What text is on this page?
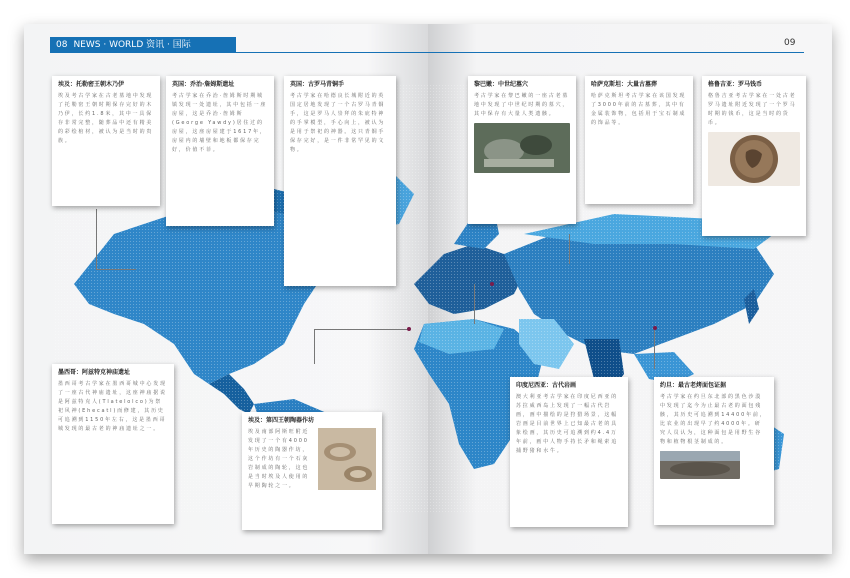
08 NEWS · WORLD 资讯 · 国际	09
埃及：托勒密王朝木乃伊

埃及考古学家在古老墓地中发现了托勒密王朝时期保存完好的木乃伊，长约1.8米，其中一具保存非常完整，随葬品中还有精美的彩绘棺材，被认为是当时的贵族。

英国：乔治·詹姆斯遗址

考古学家在乔治·詹姆斯时期城镇发现一处遗址，其中包括一座房屋，这是乔治·詹姆斯(George Yawdy)居住过的房屋，这座房屋建于1617年，房屋内的墙壁和地板都保存完好，价值不菲。

英国：古罗马青铜手

考古学家在哈德良长城附近的英国定居地发现了一个古罗马青铜手，这是罗马人崇拜的朱庇特神的手掌模型，手心向上，被认为是用于祭祀的神器。这只青铜手保存完好，是一件非常罕见的文物。

黎巴嫩：中世纪墓穴

考古学家在黎巴嫩的一座古老墓地中发现了中世纪时期的墓穴，其中保存有大量人类遗骸。

哈萨克斯坦：大量古墓葬

哈萨克斯坦考古学家在该国发现了3000年前的古墓葬，其中有金属装饰物，包括用于宝石制成的饰品等。

格鲁吉亚：罗马钱币

格鲁吉亚考古学家在一处古老罗马遗址附近发现了一个罗马时期的钱币，这是当时的货币。

墨西哥：阿兹特克神庙遗址

墨西哥考古学家在墨西哥城中心发现了一座古代神庙遗址，这座神庙据说是阿兹特克人(Tlatelolco)为祭祀风神(Ehecatl)而修建，其历史可追溯到1150年左右，这是墨西哥城发现的最古老的神庙遗址之一。

埃及：第四王朝陶器作坊

埃及南部阿斯旺附近发现了一个有4000年历史的陶器作坊，这个作坊有一个石灰岩制成的陶轮，这也是当时埃及人使用的早期陶轮之一。

印度尼西亚：古代岩画

澳大利亚考古学家在印度尼西亚的苏拉威西岛上发现了一幅古代岩画，画中描绘的是狩猎场景，这幅岩画是目前世界上已知最古老的具象绘画，其历史可追溯到约4.4万年前，画中人物手持长矛和绳索追捕野猪和水牛。

约旦：最古老烤面包证据

考古学家在约旦东北部的黑色沙漠中发现了迄今为止最古老的面包残骸，其历史可追溯到14400年前，比农业的出现早了约4000年。研究人员认为，这种面包是用野生谷物和植物根茎制成的。
